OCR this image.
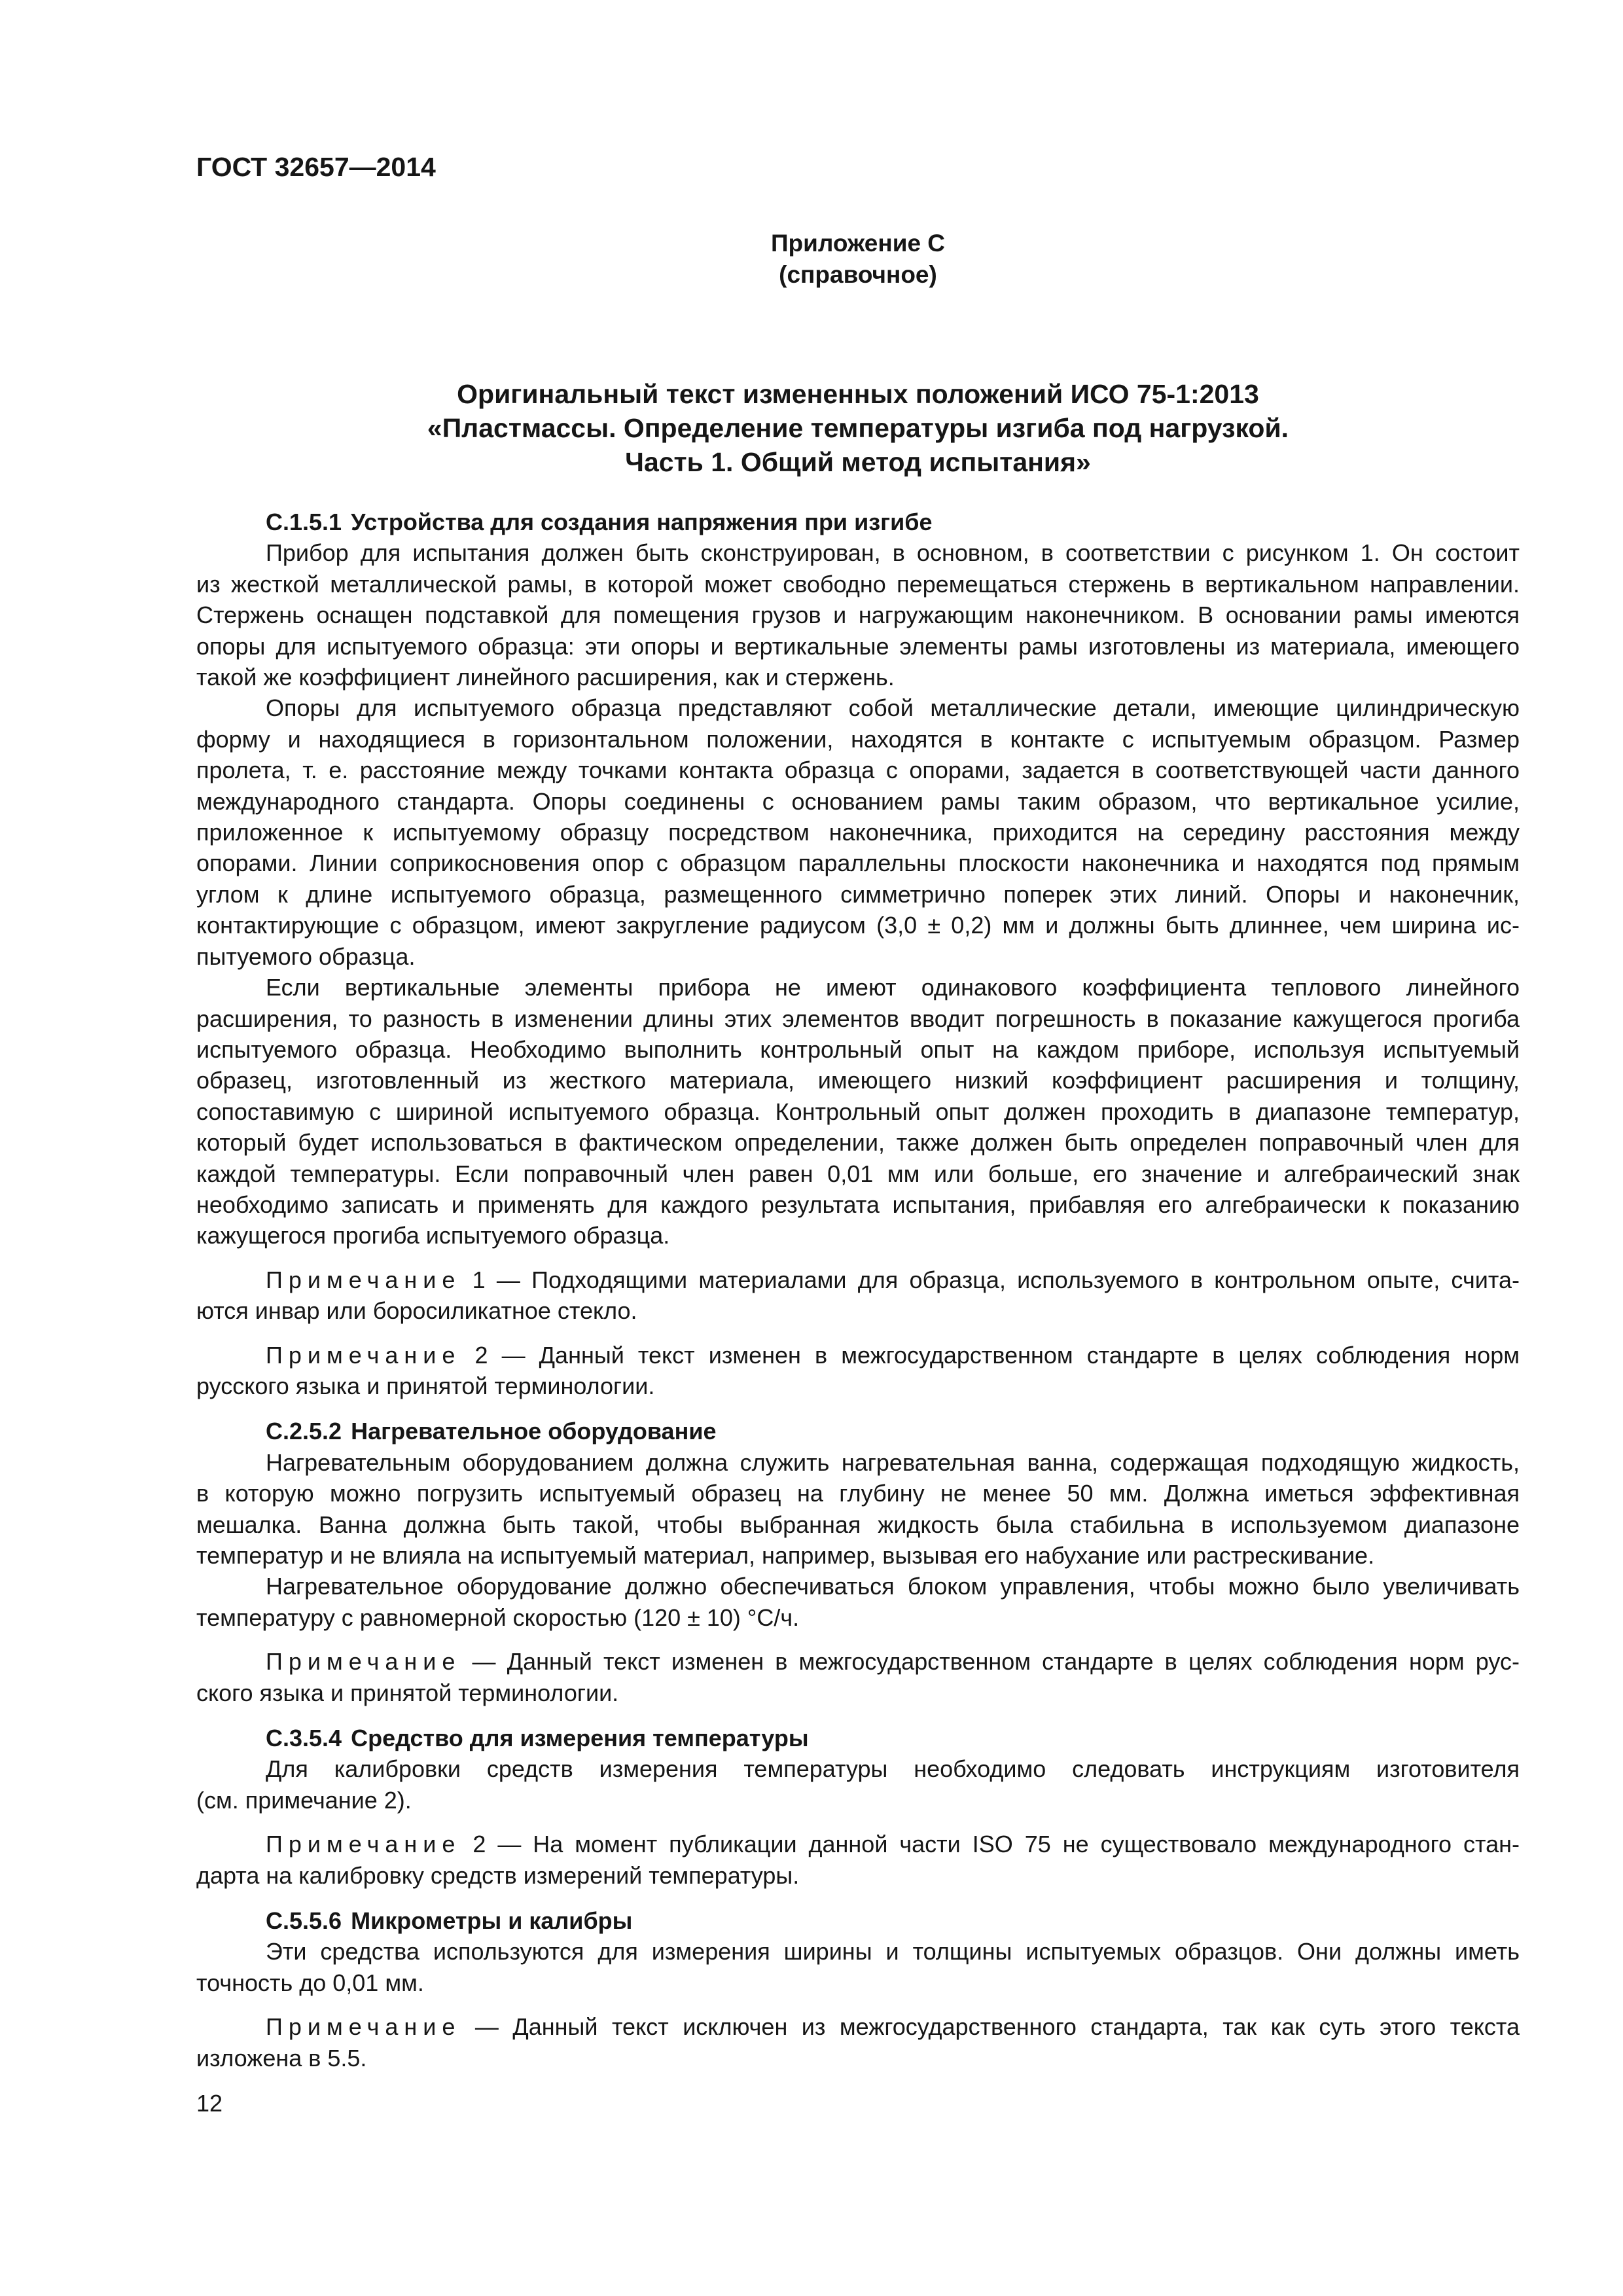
ГОСТ 32657—2014
Приложение С
(справочное)
Оригинальный текст измененных положений ИСО 75-1:2013
«Пластмассы. Определение температуры изгиба под нагрузкой.
Часть 1. Общий метод испытания»
С.1.5.1 Устройства для создания напряжения при изгибе
Прибор для испытания должен быть сконструирован, в основном, в соответствии с рисунком 1. Он состоит
из жесткой металлической рамы, в которой может свободно перемещаться стержень в вертикальном направлении.
Стержень оснащен подставкой для помещения грузов и нагружающим наконечником. В основании рамы имеются
опоры для испытуемого образца: эти опоры и вертикальные элементы рамы изготовлены из материала, имеющего
такой же коэффициент линейного расширения, как и стержень.
Опоры для испытуемого образца представляют собой металлические детали, имеющие цилиндрическую
форму и находящиеся в горизонтальном положении, находятся в контакте с испытуемым образцом. Размер
пролета, т. е. расстояние между точками контакта образца с опорами, задается в соответствующей части данного
международного стандарта. Опоры соединены с основанием рамы таким образом, что вертикальное усилие,
приложенное к испытуемому образцу посредством наконечника, приходится на середину расстояния между
опорами. Линии соприкосновения опор с образцом параллельны плоскости наконечника и находятся под прямым
углом к длине испытуемого образца, размещенного симметрично поперек этих линий. Опоры и наконечник,
контактирующие с образцом, имеют закругление радиусом (3,0 ± 0,2) мм и должны быть длиннее, чем ширина ис-
пытуемого образца.
Если вертикальные элементы прибора не имеют одинакового коэффициента теплового линейного
расширения, то разность в изменении длины этих элементов вводит погрешность в показание кажущегося прогиба
испытуемого образца. Необходимо выполнить контрольный опыт на каждом приборе, используя испытуемый
образец, изготовленный из жесткого материала, имеющего низкий коэффициент расширения и толщину,
сопоставимую с шириной испытуемого образца. Контрольный опыт должен проходить в диапазоне температур,
который будет использоваться в фактическом определении, также должен быть определен поправочный член для
каждой температуры. Если поправочный член равен 0,01 мм или больше, его значение и алгебраический знак
необходимо записать и применять для каждого результата испытания, прибавляя его алгебраически к показанию
кажущегося прогиба испытуемого образца.
Примечание 1 — Подходящими материалами для образца, используемого в контрольном опыте, счита-
ются инвар или боросиликатное стекло.
Примечание 2 — Данный текст изменен в межгосударственном стандарте в целях соблюдения норм
русского языка и принятой терминологии.
С.2.5.2 Нагревательное оборудование
Нагревательным оборудованием должна служить нагревательная ванна, содержащая подходящую жидкость,
в которую можно погрузить испытуемый образец на глубину не менее 50 мм. Должна иметься эффективная
мешалка. Ванна должна быть такой, чтобы выбранная жидкость была стабильна в используемом диапазоне
температур и не влияла на испытуемый материал, например, вызывая его набухание или растрескивание.
Нагревательное оборудование должно обеспечиваться блоком управления, чтобы можно было увеличивать
температуру с равномерной скоростью (120 ± 10) °С/ч.
Примечание — Данный текст изменен в межгосударственном стандарте в целях соблюдения норм рус-
ского языка и принятой терминологии.
С.3.5.4 Средство для измерения температуры
Для калибровки средств измерения температуры необходимо следовать инструкциям изготовителя
(см. примечание 2).
Примечание 2 — На момент публикации данной части ISO 75 не существовало международного стан-
дарта на калибровку средств измерений температуры.
С.5.5.6 Микрометры и калибры
Эти средства используются для измерения ширины и толщины испытуемых образцов. Они должны иметь
точность до 0,01 мм.
Примечание — Данный текст исключен из межгосударственного стандарта, так как суть этого текста
изложена в 5.5.
12
